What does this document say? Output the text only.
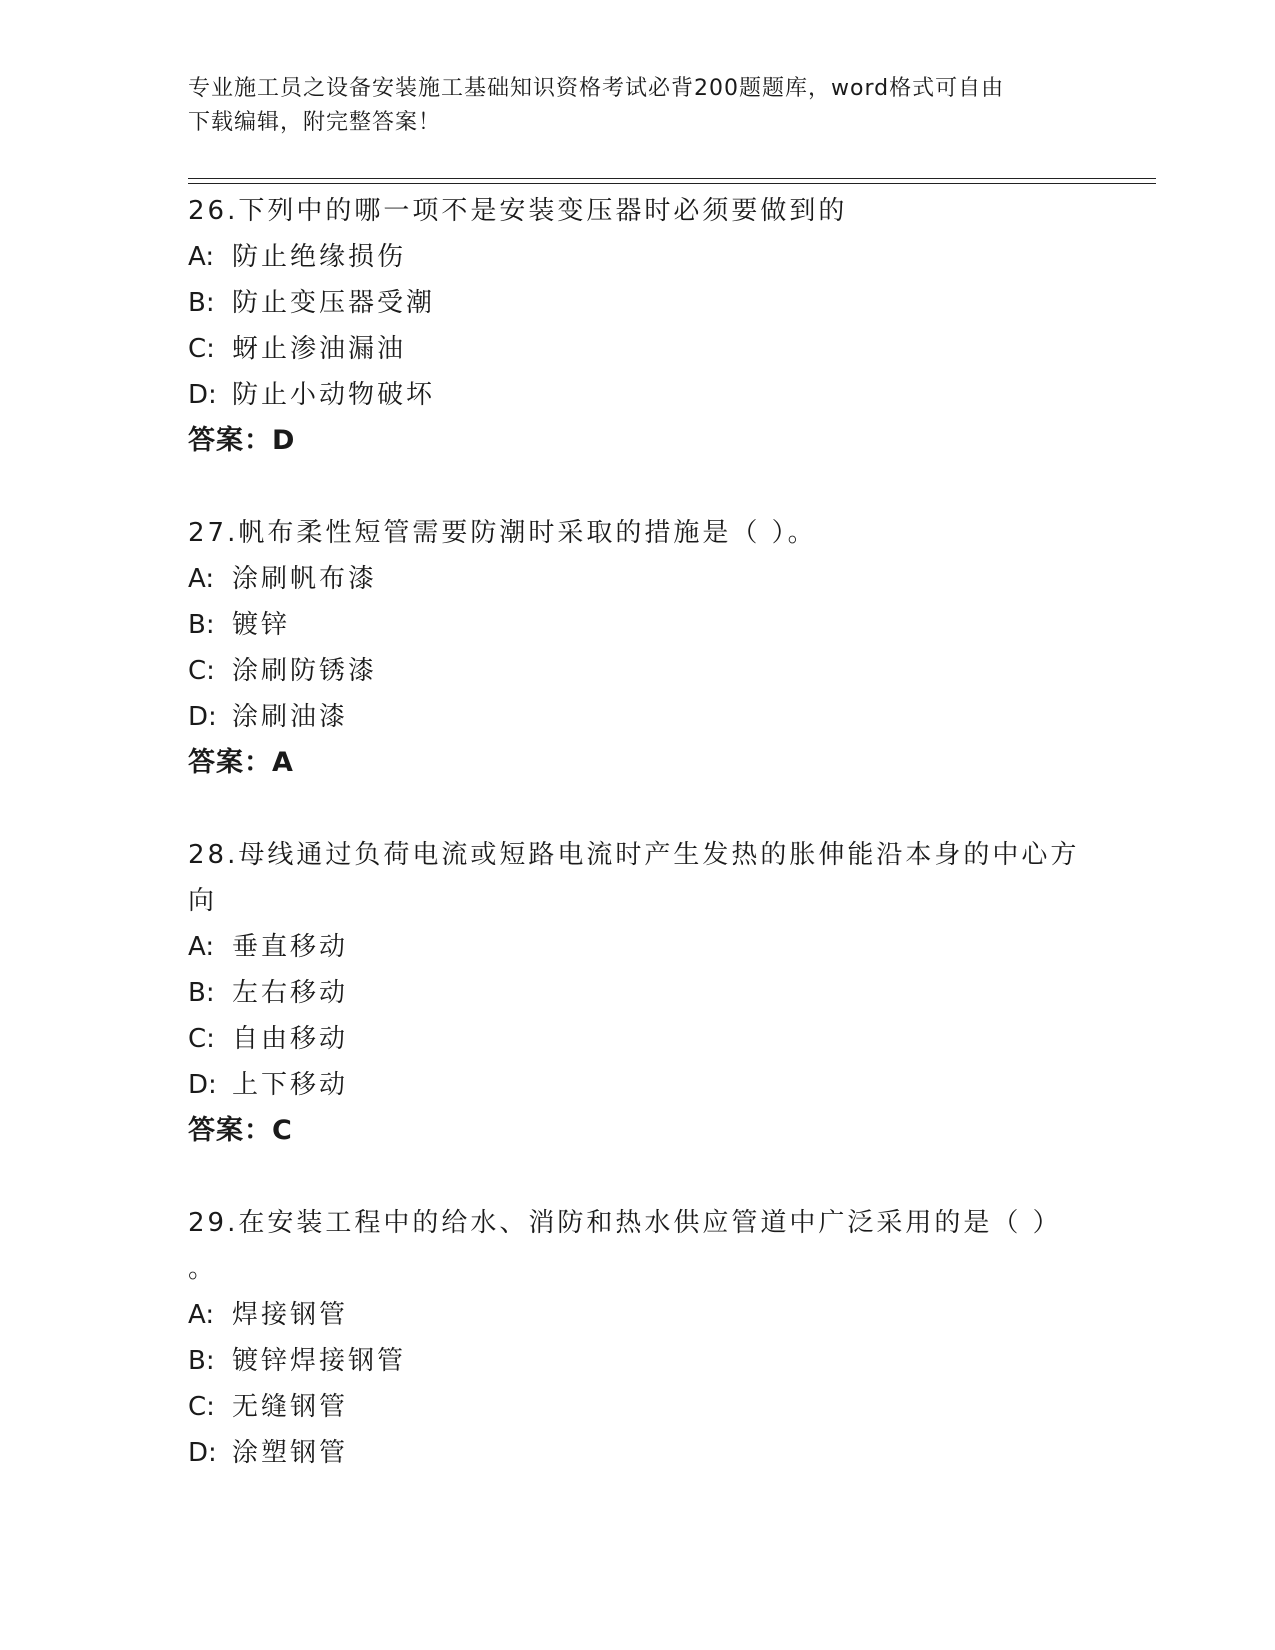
专业施工员之设备安装施工基础知识资格考试必背200题题库，word格式可自由
下载编辑，附完整答案！
26.下列中的哪一项不是安装变压器时必须要做到的
A: 防止绝缘损伤
B: 防止变压器受潮
C: 蚜止渗油漏油
D: 防止小动物破坏
答案：D
27.帆布柔性短管需要防潮时采取的措施是（ ）。
A: 涂刷帆布漆
B: 镀锌
C: 涂刷防锈漆
D: 涂刷油漆
答案：A
28.母线通过负荷电流或短路电流时产生发热的胀伸能沿本身的中心方
向
A: 垂直移动
B: 左右移动
C: 自由移动
D: 上下移动
答案：C
29.在安装工程中的给水、消防和热水供应管道中广泛采用的是（ ）
。
A: 焊接钢管
B: 镀锌焊接钢管
C: 无缝钢管
D: 涂塑钢管
